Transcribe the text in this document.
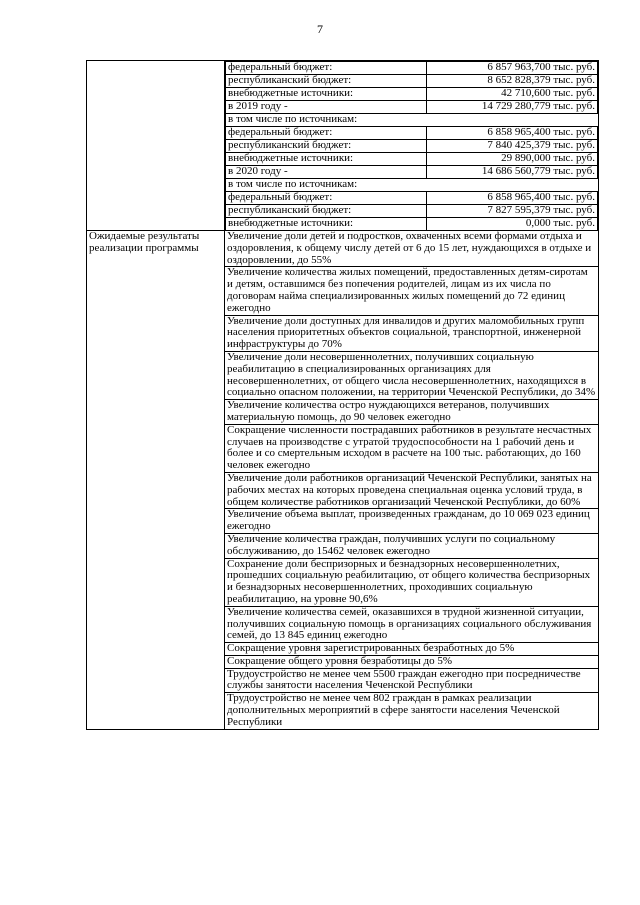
7

федеральный бюджет:	6 857 963,700 тыс. руб.
республиканский бюджет:	8 652 828,379 тыс. руб.
внебюджетные источники:	42 710,600 тыс. руб.
в 2019 году -	14 729 280,779 тыс. руб.
в том числе по источникам:
федеральный бюджет:	6 858 965,400 тыс. руб.
республиканский бюджет:	7 840 425,379 тыс. руб.
внебюджетные источники:	29 890,000 тыс. руб.
в 2020 году -	14 686 560,779 тыс. руб.
в том числе по источникам:
федеральный бюджет:	6 858 965,400 тыс. руб.
республиканский бюджет:	7 827 595,379 тыс. руб.
внебюджетные источники:	0,000 тыс. руб.

Ожидаемые результаты реализации программы	Увеличение доли детей и подростков, охваченных всеми формами отдыха и оздоровления, к общему числу детей от 6 до 15 лет, нуждающихся в отдыхе и оздоровлении, до 55%
Увеличение количества жилых помещений, предоставленных детям-сиротам и детям, оставшимся без попечения родителей, лицам из их числа по договорам найма специализированных жилых помещений до 72 единиц ежегодно
Увеличение доли доступных для инвалидов и других маломобильных групп населения приоритетных объектов социальной, транспортной, инженерной инфраструктуры до 70%
Увеличение доли несовершеннолетних, получивших социальную реабилитацию в специализированных организациях для несовершеннолетних, от общего числа несовершеннолетних, находящихся в социально опасном положении, на территории Чеченской Республики, до 34%
Увеличение количества остро нуждающихся ветеранов, получивших материальную помощь, до 90 человек ежегодно
Сокращение численности пострадавших работников в результате несчастных случаев на производстве с утратой трудоспособности на 1 рабочий день и более и со смертельным исходом в расчете на 100 тыс. работающих, до 160 человек ежегодно
Увеличение доли работников организаций Чеченской Республики, занятых на рабочих местах на которых проведена специальная оценка условий труда, в общем количестве работников организаций Чеченской Республики, до 60%
Увеличение объема выплат, произведенных гражданам, до 10 069 023 единиц ежегодно
Увеличение количества граждан, получивших услуги по социальному обслуживанию, до 15462 человек ежегодно
Сохранение доли беспризорных и безнадзорных несовершеннолетних, прошедших социальную реабилитацию, от общего количества беспризорных и безнадзорных несовершеннолетних, проходивших социальную реабилитацию, на уровне 90,6%
Увеличение количества семей, оказавшихся в трудной жизненной ситуации, получивших социальную помощь в организациях социального обслуживания семей, до 13 845 единиц ежегодно
Сокращение уровня зарегистрированных безработных до 5%
Сокращение общего уровня безработицы до 5%
Трудоустройство не менее чем 5500 граждан ежегодно при посредничестве службы занятости населения Чеченской Республики
Трудоустройство не менее чем 802 граждан в рамках реализации дополнительных мероприятий в сфере занятости населения Чеченской Республики
